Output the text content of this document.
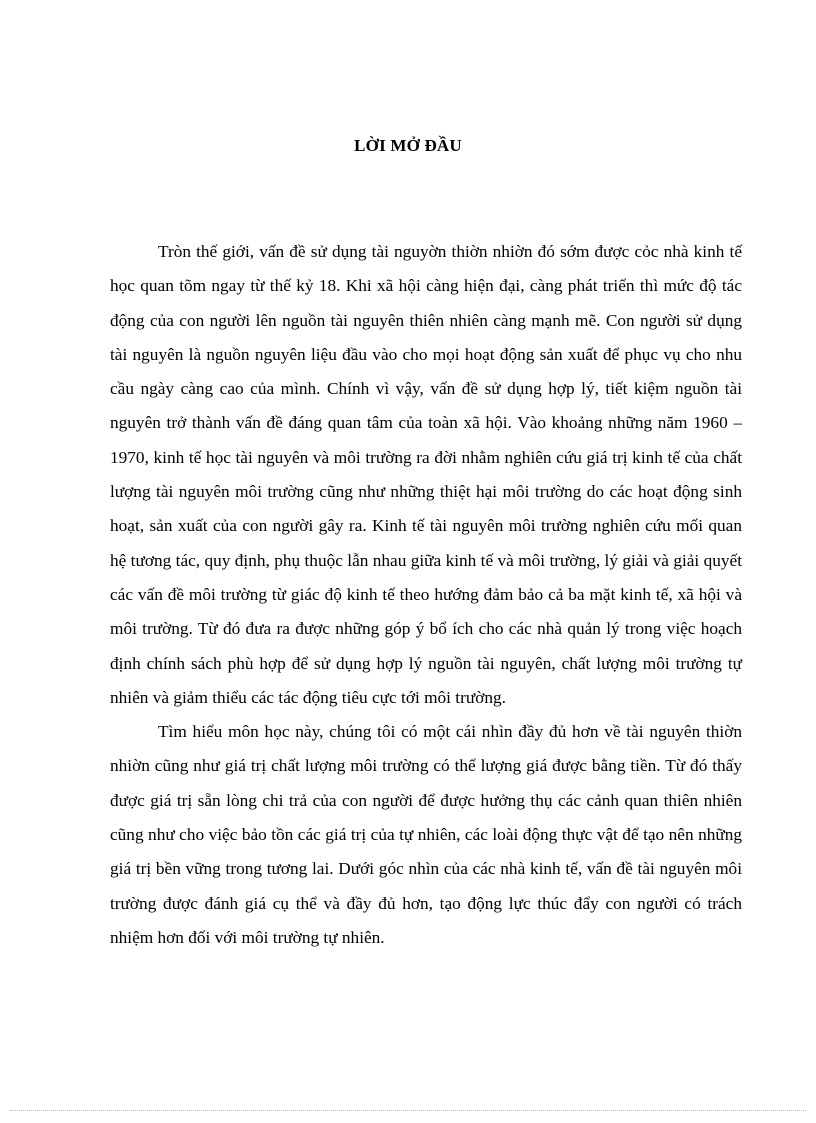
LỜI MỞ ĐẦU

Tròn thế giới, vấn đề sử dụng tài nguyờn thiờn nhiờn đó sớm được cỏc nhà kinh tế học quan tõm ngay từ thế kỷ 18. Khi xã hội càng hiện đại, càng phát triển thì mức độ tác động của con người lên nguồn tài nguyên thiên nhiên càng mạnh mẽ. Con người sử dụng tài nguyên là nguồn nguyên liệu đầu vào cho mọi hoạt động sản xuất để phục vụ cho nhu cầu ngày càng cao của mình. Chính vì vậy, vấn đề sử dụng hợp lý, tiết kiệm nguồn tài nguyên trở thành vấn đề đáng quan tâm của toàn xã hội. Vào khoảng những năm 1960 – 1970, kinh tế học tài nguyên và môi trường ra đời nhằm nghiên cứu giá trị kinh tế của chất lượng tài nguyên môi trường cũng như những thiệt hại môi trường do các hoạt động sinh hoạt, sản xuất của con người gây ra. Kinh tế tài nguyên môi trường nghiên cứu mối quan hệ tương tác, quy định, phụ thuộc lẫn nhau giữa kinh tế và môi trường, lý giải và giải quyết các vấn đề môi trường từ giác độ kinh tế theo hướng đảm bảo cả ba mặt kinh tế, xã hội và môi trường. Từ đó đưa ra được những góp ý bổ ích cho các nhà quản lý trong việc hoạch định chính sách phù hợp để sử dụng hợp lý nguồn tài nguyên, chất lượng môi trường tự nhiên và giảm thiểu các tác động tiêu cực tới môi trường.

Tìm hiểu môn học này, chúng tôi có một cái nhìn đầy đủ hơn về tài nguyên thiờn nhiờn cũng như giá trị chất lượng môi trường có thể lượng giá được bằng tiền. Từ đó thấy được giá trị sẵn lòng chi trả của con người để được hưởng thụ các cảnh quan thiên nhiên cũng như cho việc bảo tồn các giá trị của tự nhiên, các loài động thực vật để tạo nên những giá trị bền vững trong tương lai. Dưới góc nhìn của các nhà kinh tế, vấn đề tài nguyên môi trường được đánh giá cụ thể và đầy đủ hơn, tạo động lực thúc đẩy con người có trách nhiệm hơn đối với môi trường tự nhiên.
